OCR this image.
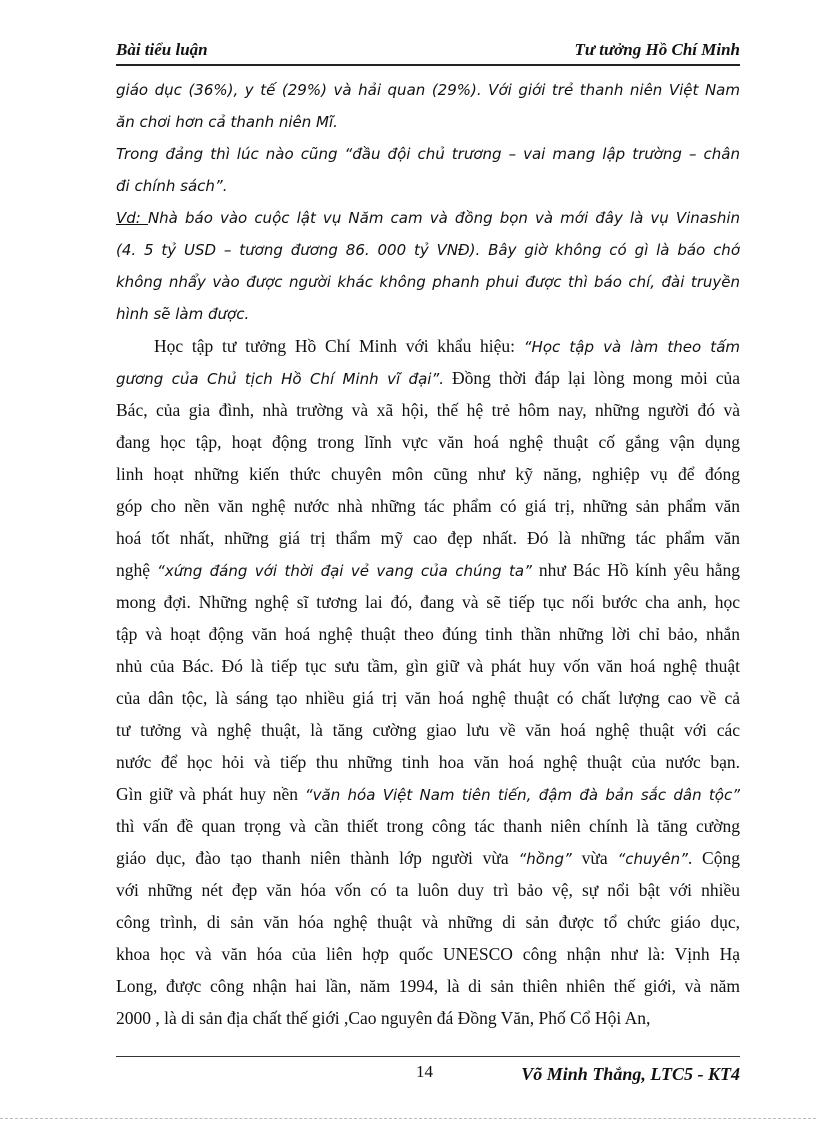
Bài tiểu luận	Tư tưởng Hồ Chí Minh
giáo dục (36%), y tế (29%) và hải quan (29%). Với giới trẻ thanh niên Việt Nam
ăn chơi hơn cả thanh niên Mĩ.
Trong đảng thì lúc nào cũng “đầu đội chủ trương – vai mang lập trường – chân
đi chính sách”.
Vd: Nhà báo vào cuộc lật vụ Năm cam và đồng bọn và mới đây là vụ Vinashin
(4. 5 tỷ USD – tương đương 86. 000 tỷ VNĐ). Bây giờ không có gì là báo chớ
không nhẩy vào được người khác không phanh phui được thì báo chí, đài truyền
hình sẽ làm được.
Học tập tư tưởng Hồ Chí Minh với khẩu hiệu: “Học tập và làm theo tấm
gương của Chủ tịch Hồ Chí Minh vĩ đại”. Đồng thời đáp lại lòng mong mỏi của
Bác, của gia đình, nhà trường và xã hội, thế hệ trẻ hôm nay, những người đó và
đang học tập, hoạt động trong lĩnh vực văn hoá nghệ thuật cố gắng vận dụng
linh hoạt những kiến thức chuyên môn cũng như kỹ năng, nghiệp vụ để đóng
góp cho nền văn nghệ nước nhà những tác phẩm có giá trị, những sản phẩm văn
hoá tốt nhất, những giá trị thẩm mỹ cao đẹp nhất. Đó là những tác phẩm văn
nghệ “xứng đáng với thời đại vẻ vang của chúng ta” như Bác Hồ kính yêu hằng
mong đợi. Những nghệ sĩ tương lai đó, đang và sẽ tiếp tục nối bước cha anh, học
tập và hoạt động văn hoá nghệ thuật theo đúng tinh thần những lời chỉ bảo, nhắn
nhủ của Bác. Đó là tiếp tục sưu tầm, gìn giữ và phát huy vốn văn hoá nghệ thuật
của dân tộc, là sáng tạo nhiều giá trị văn hoá nghệ thuật có chất lượng cao về cả
tư tưởng và nghệ thuật, là tăng cường giao lưu về văn hoá nghệ thuật với các
nước để học hỏi và tiếp thu những tinh hoa văn hoá nghệ thuật của nước bạn.
Gìn giữ và phát huy nền “văn hóa Việt Nam tiên tiến, đậm đà bản sắc dân tộc”
thì vấn đề quan trọng và cần thiết trong công tác thanh niên chính là tăng cường
giáo dục, đào tạo thanh niên thành lớp người vừa “hồng” vừa “chuyên”. Cộng
với những nét đẹp văn hóa vốn có ta luôn duy trì bảo vệ, sự nổi bật với nhiều
công trình, di sản văn hóa nghệ thuật và những di sản được tổ chức giáo dục,
khoa học và văn hóa của liên hợp quốc UNESCO công nhận như là: Vịnh Hạ
Long, được công nhận hai lần, năm 1994, là di sản thiên nhiên thế giới, và năm
2000 , là di sản địa chất thế giới ,Cao nguyên đá Đồng Văn, Phố Cổ Hội An,
14	Võ Minh Thắng, LTC5 - KT4
